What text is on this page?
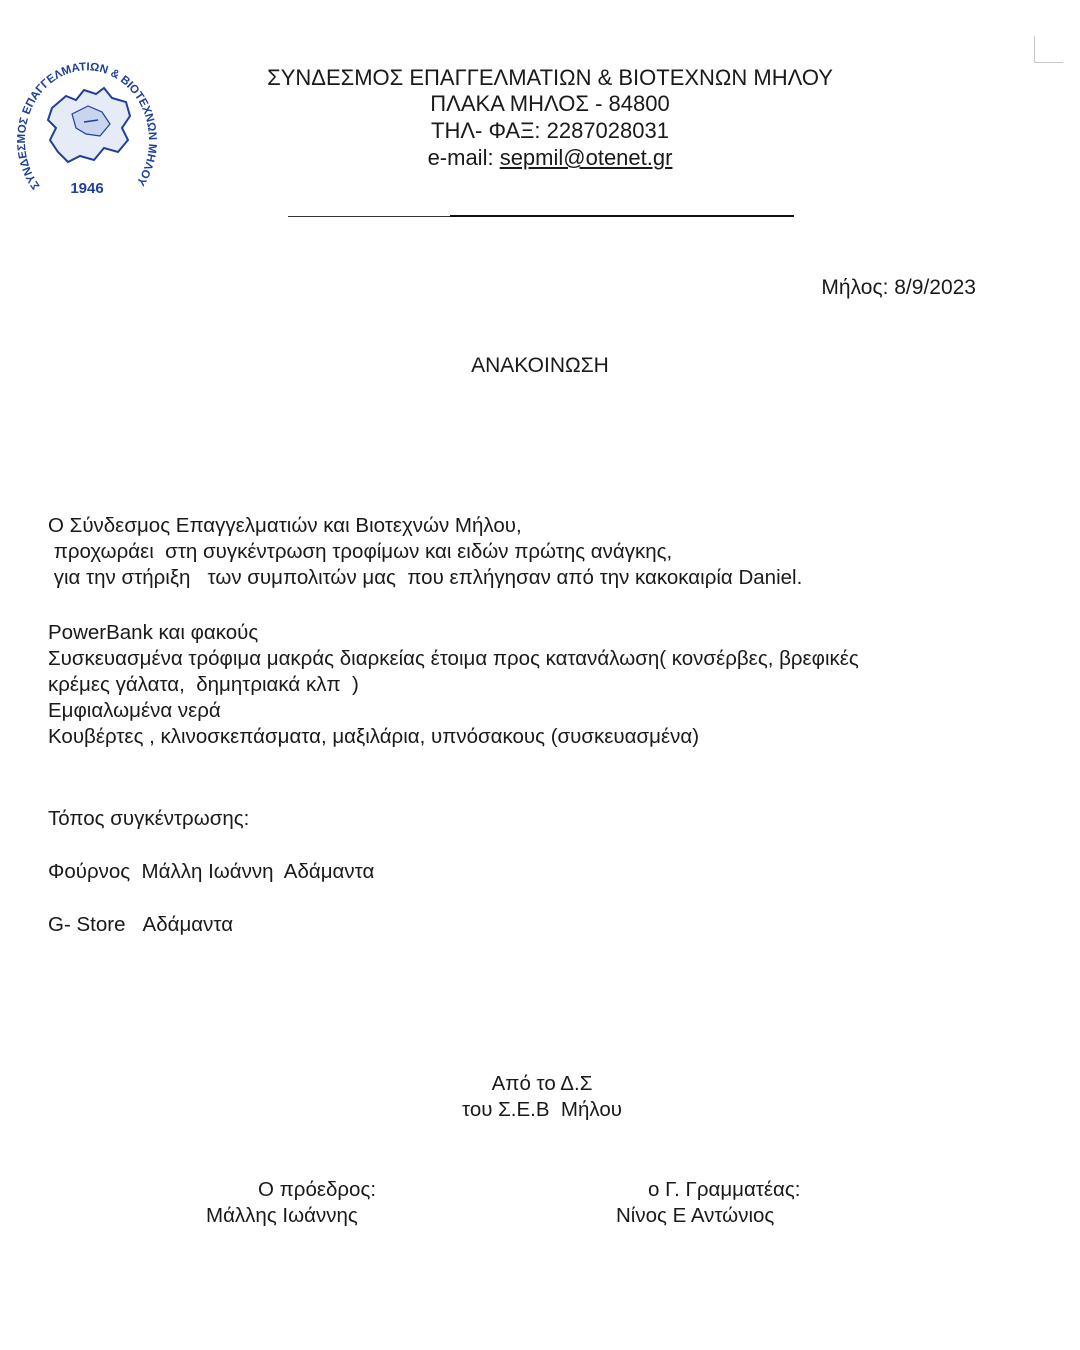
ΣΥΝΔΕΣΜΟΣ ΕΠΑΓΓΕΛΜΑΤΙΩΝ & ΒΙΟΤΕΧΝΩΝ ΜΗΛΟΥ
1946
ΣΥΝΔΕΣΜΟΣ ΕΠΑΓΓΕΛΜΑΤΙΩΝ & ΒΙΟΤΕΧΝΩΝ ΜΗΛΟΥ
ΠΛΑΚΑ ΜΗΛΟΣ - 84800
ΤΗΛ- ΦΑΞ: 2287028031
e-mail: sepmil@otenet.gr
Μήλος: 8/9/2023
ΑΝΑΚΟΙΝΩΣΗ
Ο Σύνδεσμος Επαγγελματιών και Βιοτεχνών Μήλου,
προχωράει  στη συγκέντρωση τροφίμων και ειδών πρώτης ανάγκης,
για την στήριξη   των συμπολιτών μας  που επλήγησαν από την κακοκαιρία Daniel.
PowerBank και φακούς
Συσκευασμένα τρόφιμα μακράς διαρκείας έτοιμα προς κατανάλωση( κονσέρβες, βρεφικές
κρέμες γάλατα,  δημητριακά κλπ  )
Εμφιαλωμένα νερά
Κουβέρτες , κλινοσκεπάσματα, μαξιλάρια, υπνόσακους (συσκευασμένα)
Τόπος συγκέντρωσης:
Φούρνος  Μάλλη Ιωάννη  Αδάμαντα
G- Store   Αδάμαντα
Από το Δ.Σ
του Σ.Ε.Β  Μήλου
Ο πρόεδρος:
Μάλλης Ιωάννης
ο Γ. Γραμματέας:
Νίνος Ε Αντώνιος
